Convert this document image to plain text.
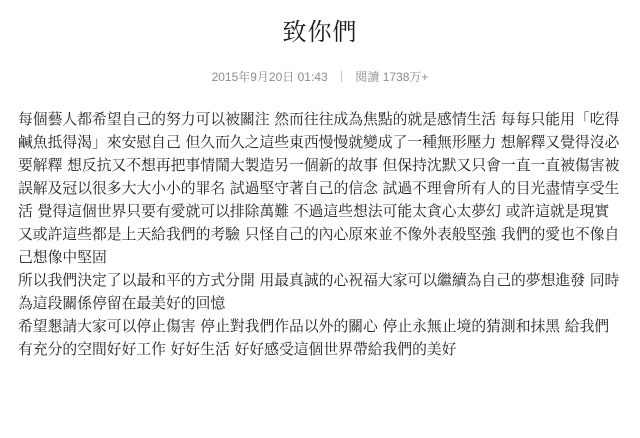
致你們
2015年9月20日 01:43 閱讀 1738万+

每個藝人都希望自己的努力可以被關注 然而往往成為焦點的就是感情生活 每每只能用「吃得鹹魚抵得渴」來安慰自己 但久而久之這些東西慢慢就變成了一種無形壓力 想解釋又覺得沒必要解釋 想反抗又不想再把事情鬧大製造另一個新的故事 但保持沈默又只會一直一直被傷害被誤解及冠以很多大大小小的罪名 試過堅守著自己的信念 試過不理會所有人的目光盡情享受生活 覺得這個世界只要有愛就可以排除萬難 不過這些想法可能太貪心太夢幻 或許這就是現實 又或許這些都是上天給我們的考驗 只怪自己的內心原來並不像外表般堅強 我們的愛也不像自己想像中堅固

所以我們決定了以最和平的方式分開 用最真誠的心祝福大家可以繼續為自己的夢想進發 同時為這段關係停留在最美好的回憶

希望懇請大家可以停止傷害 停止對我們作品以外的關心 停止永無止境的猜測和抹黑 給我們有充分的空間好好工作 好好生活 好好感受這個世界帶給我們的美好
